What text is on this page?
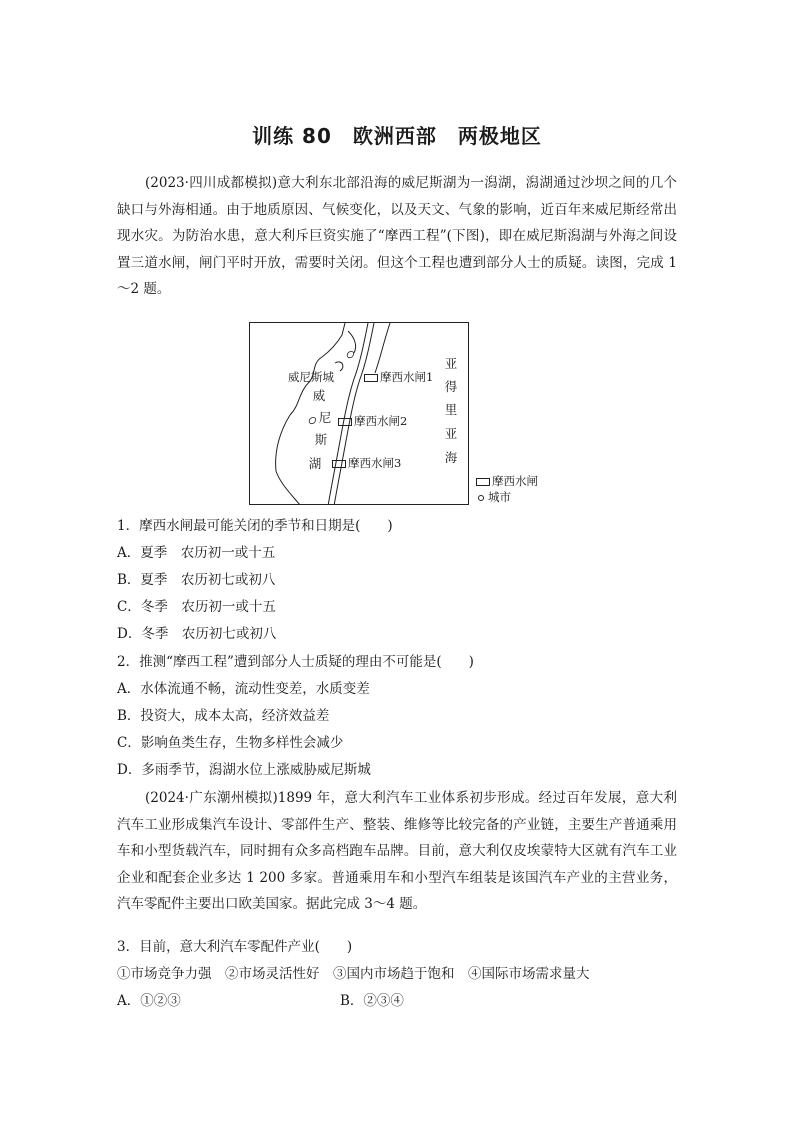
训练 80　欧洲西部　两极地区

(2023·四川成都模拟)意大利东北部沿海的威尼斯湖为一潟湖，潟湖通过沙坝之间的几个缺口与外海相通。由于地质原因、气候变化，以及天文、气象的影响，近百年来威尼斯经常出现水灾。为防治水患，意大利斥巨资实施了“摩西工程”(下图)，即在威尼斯潟湖与外海之间设置三道水闸，闸门平时开放，需要时关闭。但这个工程也遭到部分人士的质疑。读图，完成 1～2 题。

威尼斯城
威
尼
斯
湖
摩西水闸1
摩西水闸2
摩西水闸3
亚
得
里
亚
海
摩西水闸
城市
1．摩西水闸最可能关闭的季节和日期是(　　)
A．夏季　农历初一或十五
B．夏季　农历初七或初八
C．冬季　农历初一或十五
D．冬季　农历初七或初八
2．推测“摩西工程”遭到部分人士质疑的理由不可能是(　　)
A．水体流通不畅，流动性变差，水质变差
B．投资大，成本太高，经济效益差
C．影响鱼类生存，生物多样性会减少
D．多雨季节，潟湖水位上涨威胁威尼斯城

(2024·广东潮州模拟)1899 年，意大利汽车工业体系初步形成。经过百年发展，意大利汽车工业形成集汽车设计、零部件生产、整装、维修等比较完备的产业链，主要生产普通乘用车和小型货载汽车，同时拥有众多高档跑车品牌。目前，意大利仅皮埃蒙特大区就有汽车工业企业和配套企业多达 1 200 多家。普通乘用车和小型汽车组装是该国汽车产业的主营业务，汽车零配件主要出口欧美国家。据此完成 3～4 题。

3．目前，意大利汽车零配件产业(　　)
①市场竞争力强　②市场灵活性好　③国内市场趋于饱和　④国际市场需求量大
A．①②③	B．②③④
